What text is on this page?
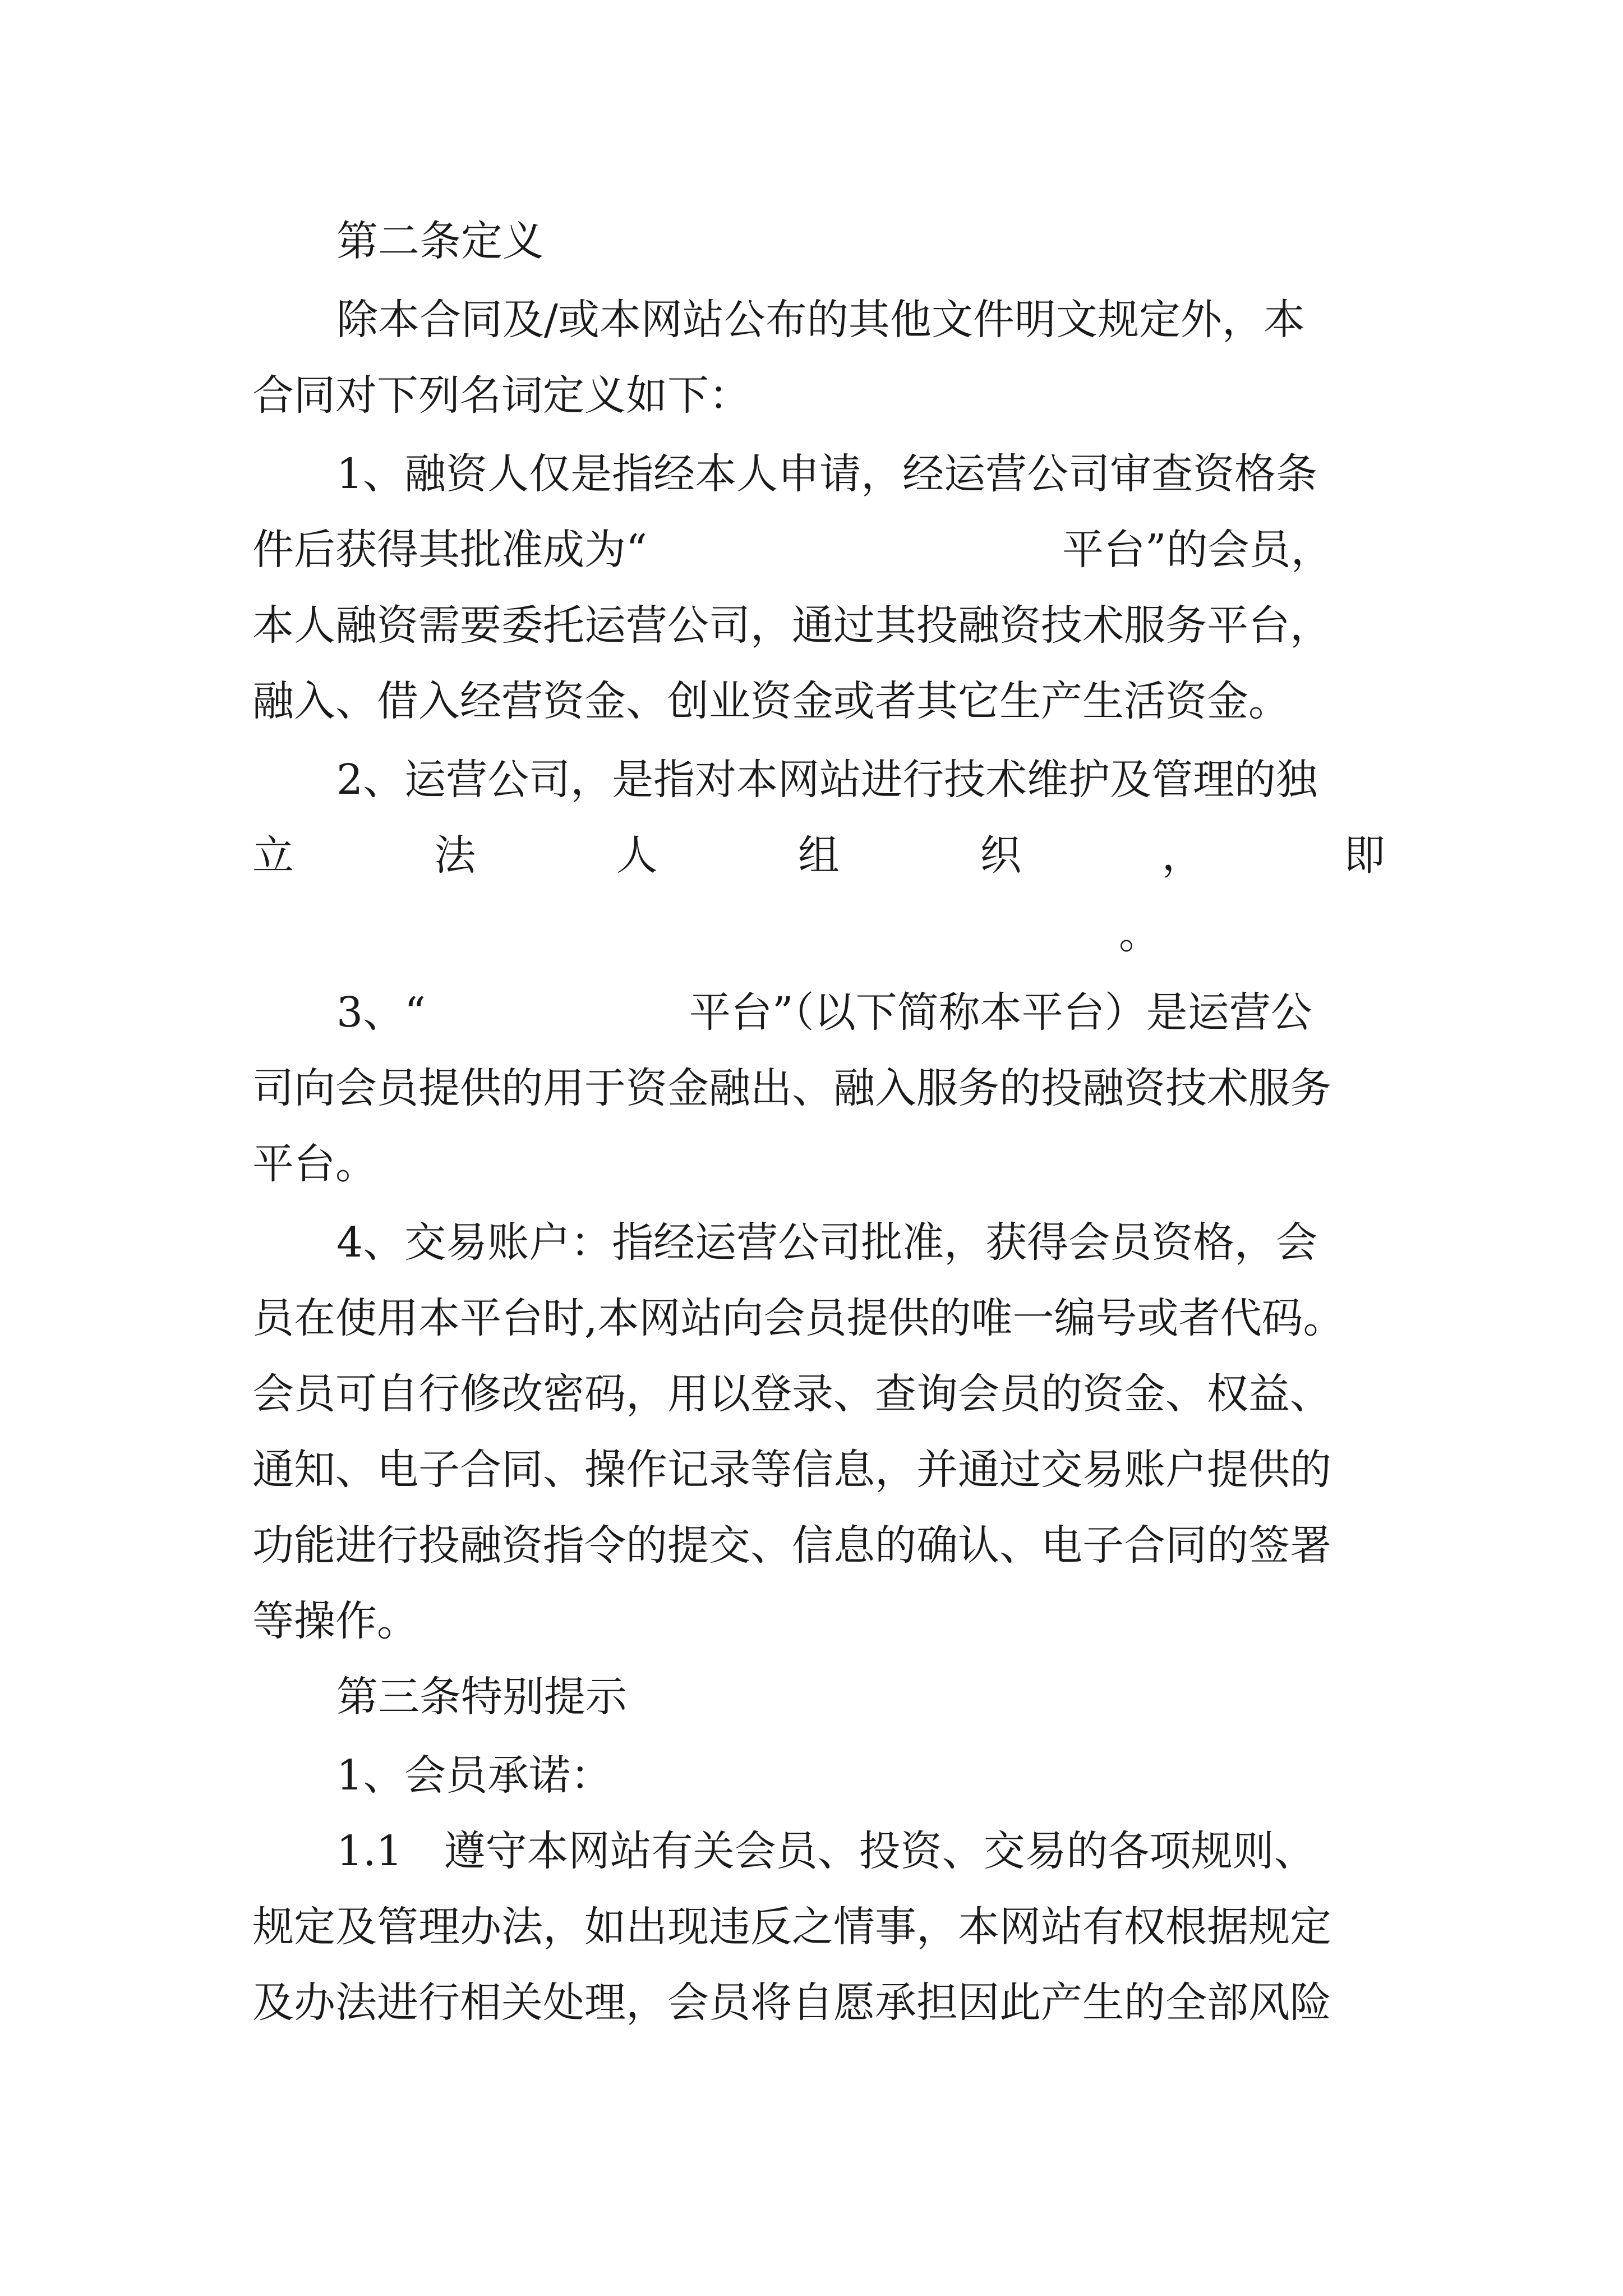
第二条定义
除本合同及/或本网站公布的其他文件明文规定外，本
合同对下列名词定义如下：
1、融资人仅是指经本人申请，经运营公司审查资格条
件后获得其批准成为“	平台”的会员，
本人融资需要委托运营公司，通过其投融资技术服务平台，
融入、借入经营资金、创业资金或者其它生产生活资金。
2、运营公司，是指对本网站进行技术维护及管理的独
立	法	人	组	织	，	即
。
3、“	平台”（以下简称本平台）是运营公
司向会员提供的用于资金融出、融入服务的投融资技术服务
平台。
4、交易账户：指经运营公司批准，获得会员资格，会
员在使用本平台时,本网站向会员提供的唯一编号或者代码。
会员可自行修改密码，用以登录、查询会员的资金、权益、
通知、电子合同、操作记录等信息，并通过交易账户提供的
功能进行投融资指令的提交、信息的确认、电子合同的签署
等操作。
第三条特别提示
1、会员承诺：
1.1　遵守本网站有关会员、投资、交易的各项规则、
规定及管理办法，如出现违反之情事，本网站有权根据规定
及办法进行相关处理，会员将自愿承担因此产生的全部风险
